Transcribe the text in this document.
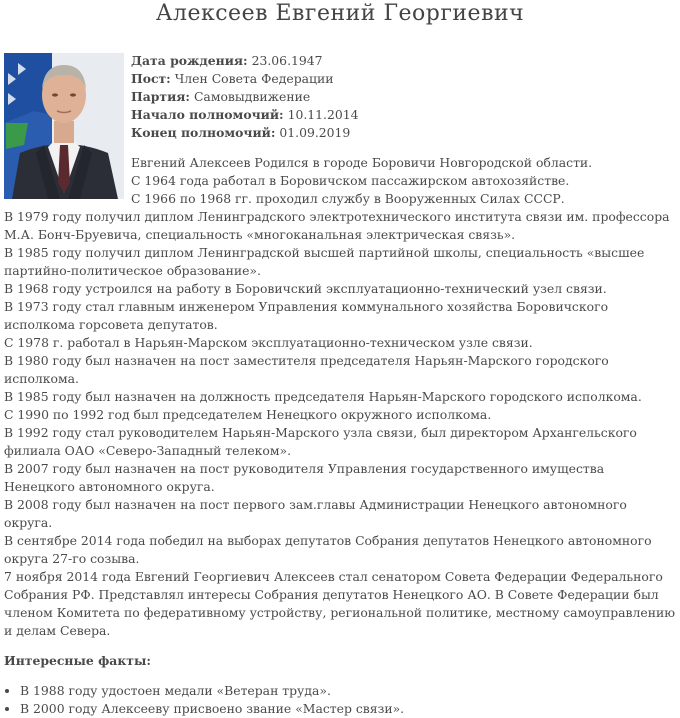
Алексеев Евгений Георгиевич
Дата рождения: 23.06.1947
Пост: Член Совета Федерации
Партия: Самовыдвижение
Начало полномочий: 10.11.2014
Конец полномочий: 01.09.2019
Евгений Алексеев Родился в городе Боровичи Новгородской области.
С 1964 года работал в Боровичском пассажирском автохозяйстве.
С 1966 по 1968 гг. проходил службу в Вооруженных Силах СССР.
В 1979 году получил диплом Ленинградского электротехнического института связи им. профессора М.А. Бонч-Бруевича, специальность «многоканальная электрическая связь».
В 1985 году получил диплом Ленинградской высшей партийной школы, специальность «высшее партийно-политическое образование».
В 1968 году устроился на работу в Боровичский эксплуатационно-технический узел связи.
В 1973 году стал главным инженером Управления коммунального хозяйства Боровичского исполкома горсовета депутатов.
С 1978 г. работал в Нарьян-Марском эксплуатационно-техническом узле связи.
В 1980 году был назначен на пост заместителя председателя Нарьян-Марского городского исполкома.
В 1985 году был назначен на должность председателя Нарьян-Марского городского исполкома.
С 1990 по 1992 год был председателем Ненецкого окружного исполкома.
В 1992 году стал руководителем Нарьян-Марского узла связи, был директором Архангельского филиала ОАО «Северо-Западный телеком».
В 2007 году был назначен на пост руководителя Управления государственного имущества Ненецкого автономного округа.
В 2008 году был назначен на пост первого зам.главы Администрации Ненецкого автономного округа.
В сентябре 2014 года победил на выборах депутатов Собрания депутатов Ненецкого автономного округа 27-го созыва.
7 ноября 2014 года Евгений Георгиевич Алексеев стал сенатором Совета Федерации Федерального Собрания РФ. Представлял интересы Собрания депутатов Ненецкого АО. В Совете Федерации был членом Комитета по федеративному устройству, региональной политике, местному самоуправлению и делам Севера.
Интересные факты:
• В 1988 году удостоен медали «Ветеран труда».
• В 2000 году Алексееву присвоено звание «Мастер связи».
